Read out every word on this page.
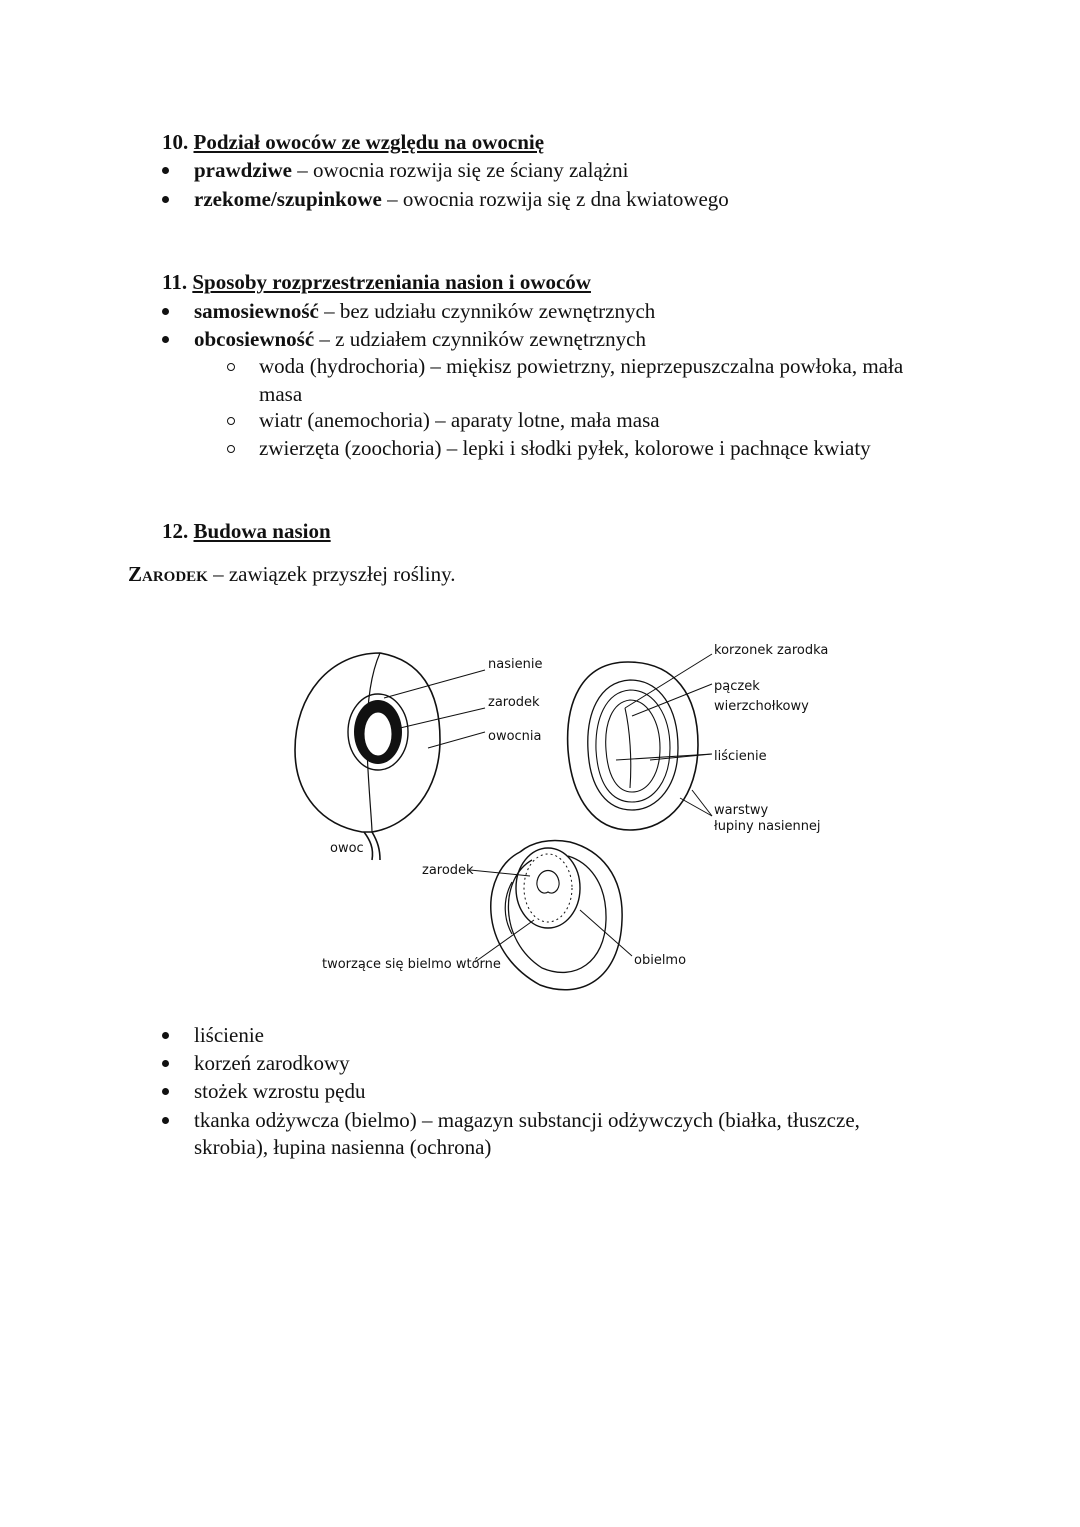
10. Podział owoców ze względu na owocnię
prawdziwe – owocnia rozwija się ze ściany zalążni
rzekome/szupinkowe – owocnia rozwija się z dna kwiatowego
11. Sposoby rozprzestrzeniania nasion i owoców
samosiewność – bez udziału czynników zewnętrznych
obcosiewność – z udziałem czynników zewnętrznych
woda (hydrochoria) – miękisz powietrzny, nieprzepuszczalna powłoka, mała
masa
wiatr (anemochoria) – aparaty lotne, mała masa
zwierzęta (zoochoria) – lepki i słodki pyłek, kolorowe i pachnące kwiaty
12. Budowa nasion
Zarodek – zawiązek przyszłej rośliny.
nasienie
zarodek
owocnia
owoc
korzonek zarodka
pączek
wierzchołkowy
liścienie
warstwy
łupiny nasiennej
zarodek
tworzące się bielmo wtórne	obielmo
liścienie
korzeń zarodkowy
stożek wzrostu pędu
tkanka odżywcza (bielmo) – magazyn substancji odżywczych (białka, tłuszcze,
skrobia), łupina nasienna (ochrona)
